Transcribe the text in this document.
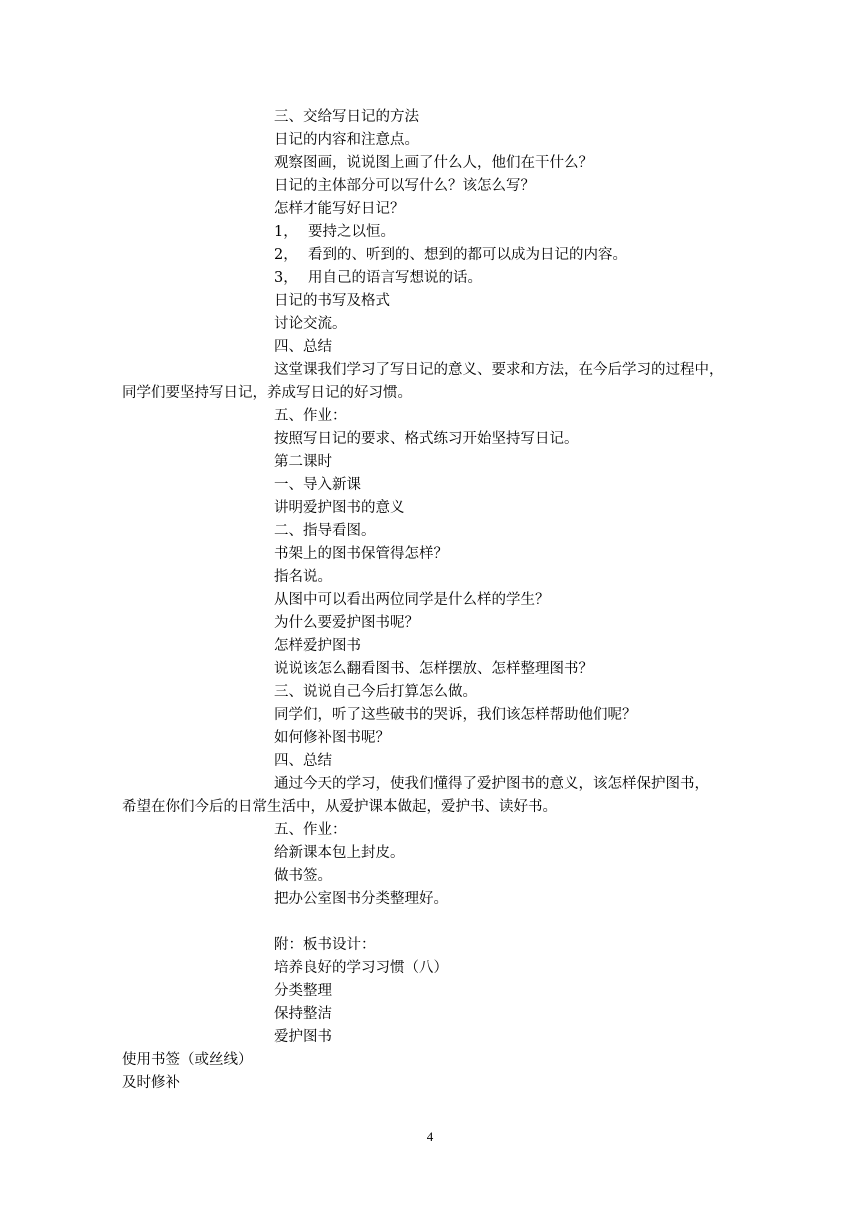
三、交给写日记的方法
日记的内容和注意点。
观察图画，说说图上画了什么人，他们在干什么？
日记的主体部分可以写什么？该怎么写？
怎样才能写好日记？
1， 要持之以恒。
2， 看到的、听到的、想到的都可以成为日记的内容。
3， 用自己的语言写想说的话。
日记的书写及格式
讨论交流。
四、总结
这堂课我们学习了写日记的意义、要求和方法，在今后学习的过程中，
同学们要坚持写日记，养成写日记的好习惯。
五、作业：
按照写日记的要求、格式练习开始坚持写日记。
第二课时
一、导入新课
讲明爱护图书的意义
二、指导看图。
书架上的图书保管得怎样？
指名说。
从图中可以看出两位同学是什么样的学生？
为什么要爱护图书呢？
怎样爱护图书
说说该怎么翻看图书、怎样摆放、怎样整理图书？
三、说说自己今后打算怎么做。
同学们，听了这些破书的哭诉，我们该怎样帮助他们呢？
如何修补图书呢？
四、总结
通过今天的学习，使我们懂得了爱护图书的意义，该怎样保护图书，
希望在你们今后的日常生活中，从爱护课本做起，爱护书、读好书。
五、作业：
给新课本包上封皮。
做书签。
把办公室图书分类整理好。
附：板书设计：
培养良好的学习习惯（八）
分类整理
保持整洁
爱护图书
使用书签（或丝线）
及时修补
4
